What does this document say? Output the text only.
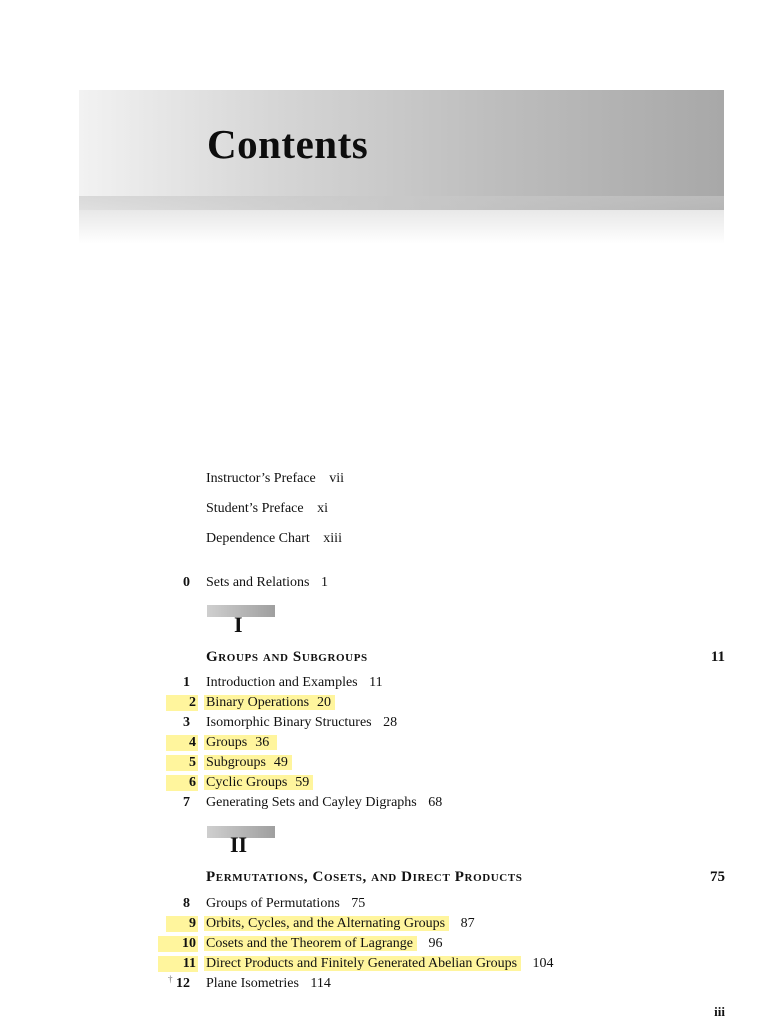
Contents
Instructor’s Preface vii
Student’s Preface xi
Dependence Chart xiii
0 Sets and Relations 1
I
Groups and Subgroups	11
1 Introduction and Examples 11
2 Binary Operations 20
3 Isomorphic Binary Structures 28
4 Groups 36
5 Subgroups 49
6 Cyclic Groups 59
7 Generating Sets and Cayley Digraphs 68
II
Permutations, Cosets, and Direct Products	75
8 Groups of Permutations 75
9 Orbits, Cycles, and the Alternating Groups 87
10 Cosets and the Theorem of Lagrange 96
11 Direct Products and Finitely Generated Abelian Groups 104
† 12 Plane Isometries 114
iii
